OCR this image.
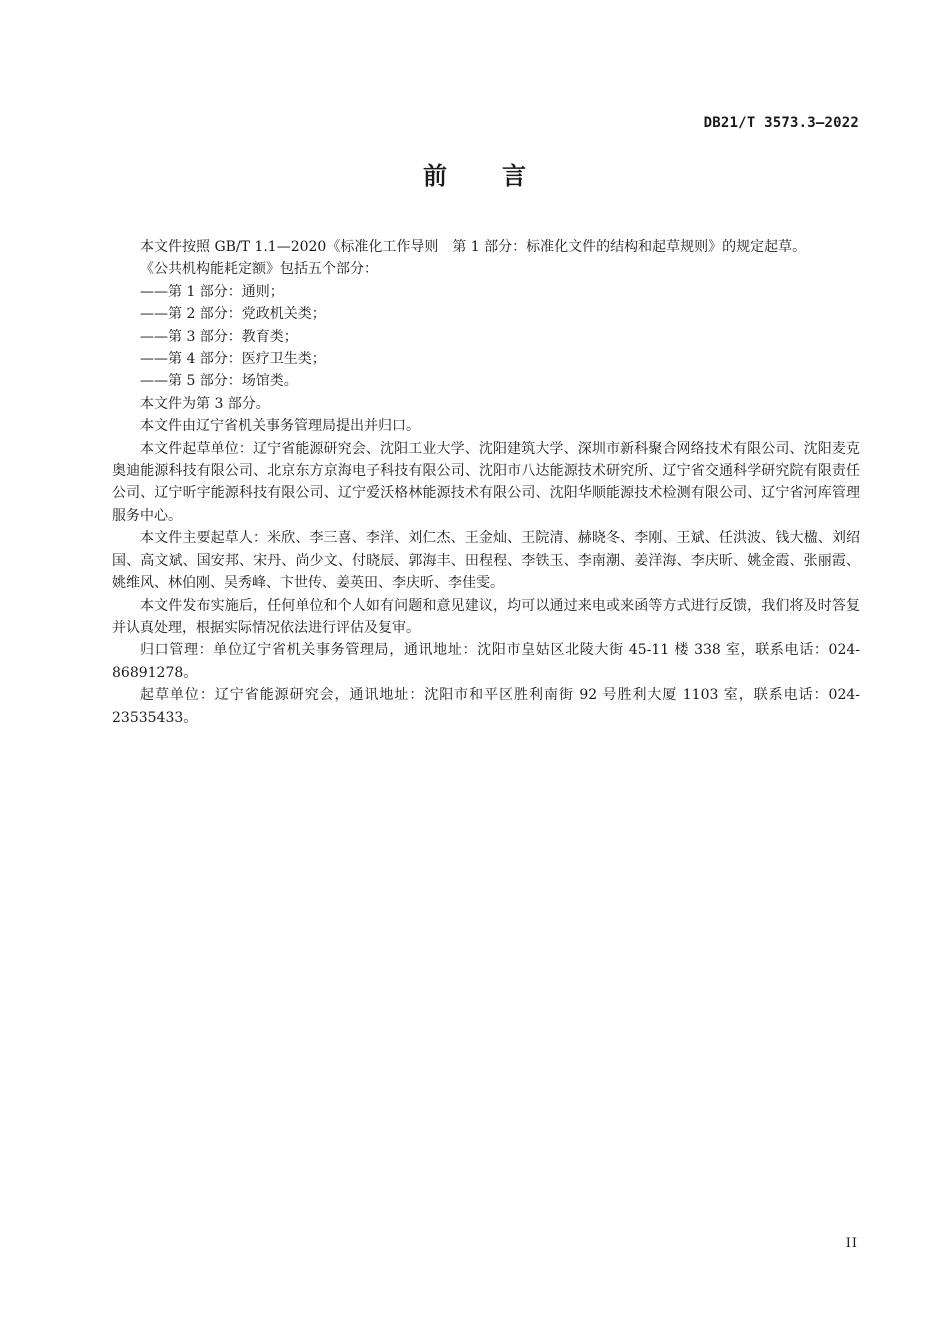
DB21/T 3573.3—2022
前 言

本文件按照 GB/T 1.1—2020《标准化工作导则　第 1 部分：标准化文件的结构和起草规则》的规定起草。

《公共机构能耗定额》包括五个部分：

——第 1 部分：通则；

——第 2 部分：党政机关类；

——第 3 部分：教育类；

——第 4 部分：医疗卫生类；

——第 5 部分：场馆类。

本文件为第 3 部分。

本文件由辽宁省机关事务管理局提出并归口。

本文件起草单位：辽宁省能源研究会、沈阳工业大学、沈阳建筑大学、深圳市新科聚合网络技术有限公司、沈阳麦克奥迪能源科技有限公司、北京东方京海电子科技有限公司、沈阳市八达能源技术研究所、辽宁省交通科学研究院有限责任公司、辽宁昕宇能源科技有限公司、辽宁爱沃格林能源技术有限公司、沈阳华顺能源技术检测有限公司、辽宁省河库管理服务中心。

本文件主要起草人：米欣、李三喜、李洋、刘仁杰、王金灿、王院清、赫晓冬、李刚、王斌、任洪波、钱大楹、刘绍国、高文斌、国安邦、宋丹、尚少文、付晓辰、郭海丰、田程程、李铁玉、李南潮、姜洋海、李庆昕、姚金霞、张丽霞、姚维风、林伯刚、吴秀峰、卞世传、姜英田、李庆昕、李佳雯。

本文件发布实施后，任何单位和个人如有问题和意见建议，均可以通过来电或来函等方式进行反馈，我们将及时答复并认真处理，根据实际情况依法进行评估及复审。

归口管理：单位辽宁省机关事务管理局，通讯地址：沈阳市皇姑区北陵大街 45-11 楼 338 室，联系电话：024-86891278。

起草单位：辽宁省能源研究会，通讯地址：沈阳市和平区胜利南街 92 号胜利大厦 1103 室，联系电话：024-23535433。

II
